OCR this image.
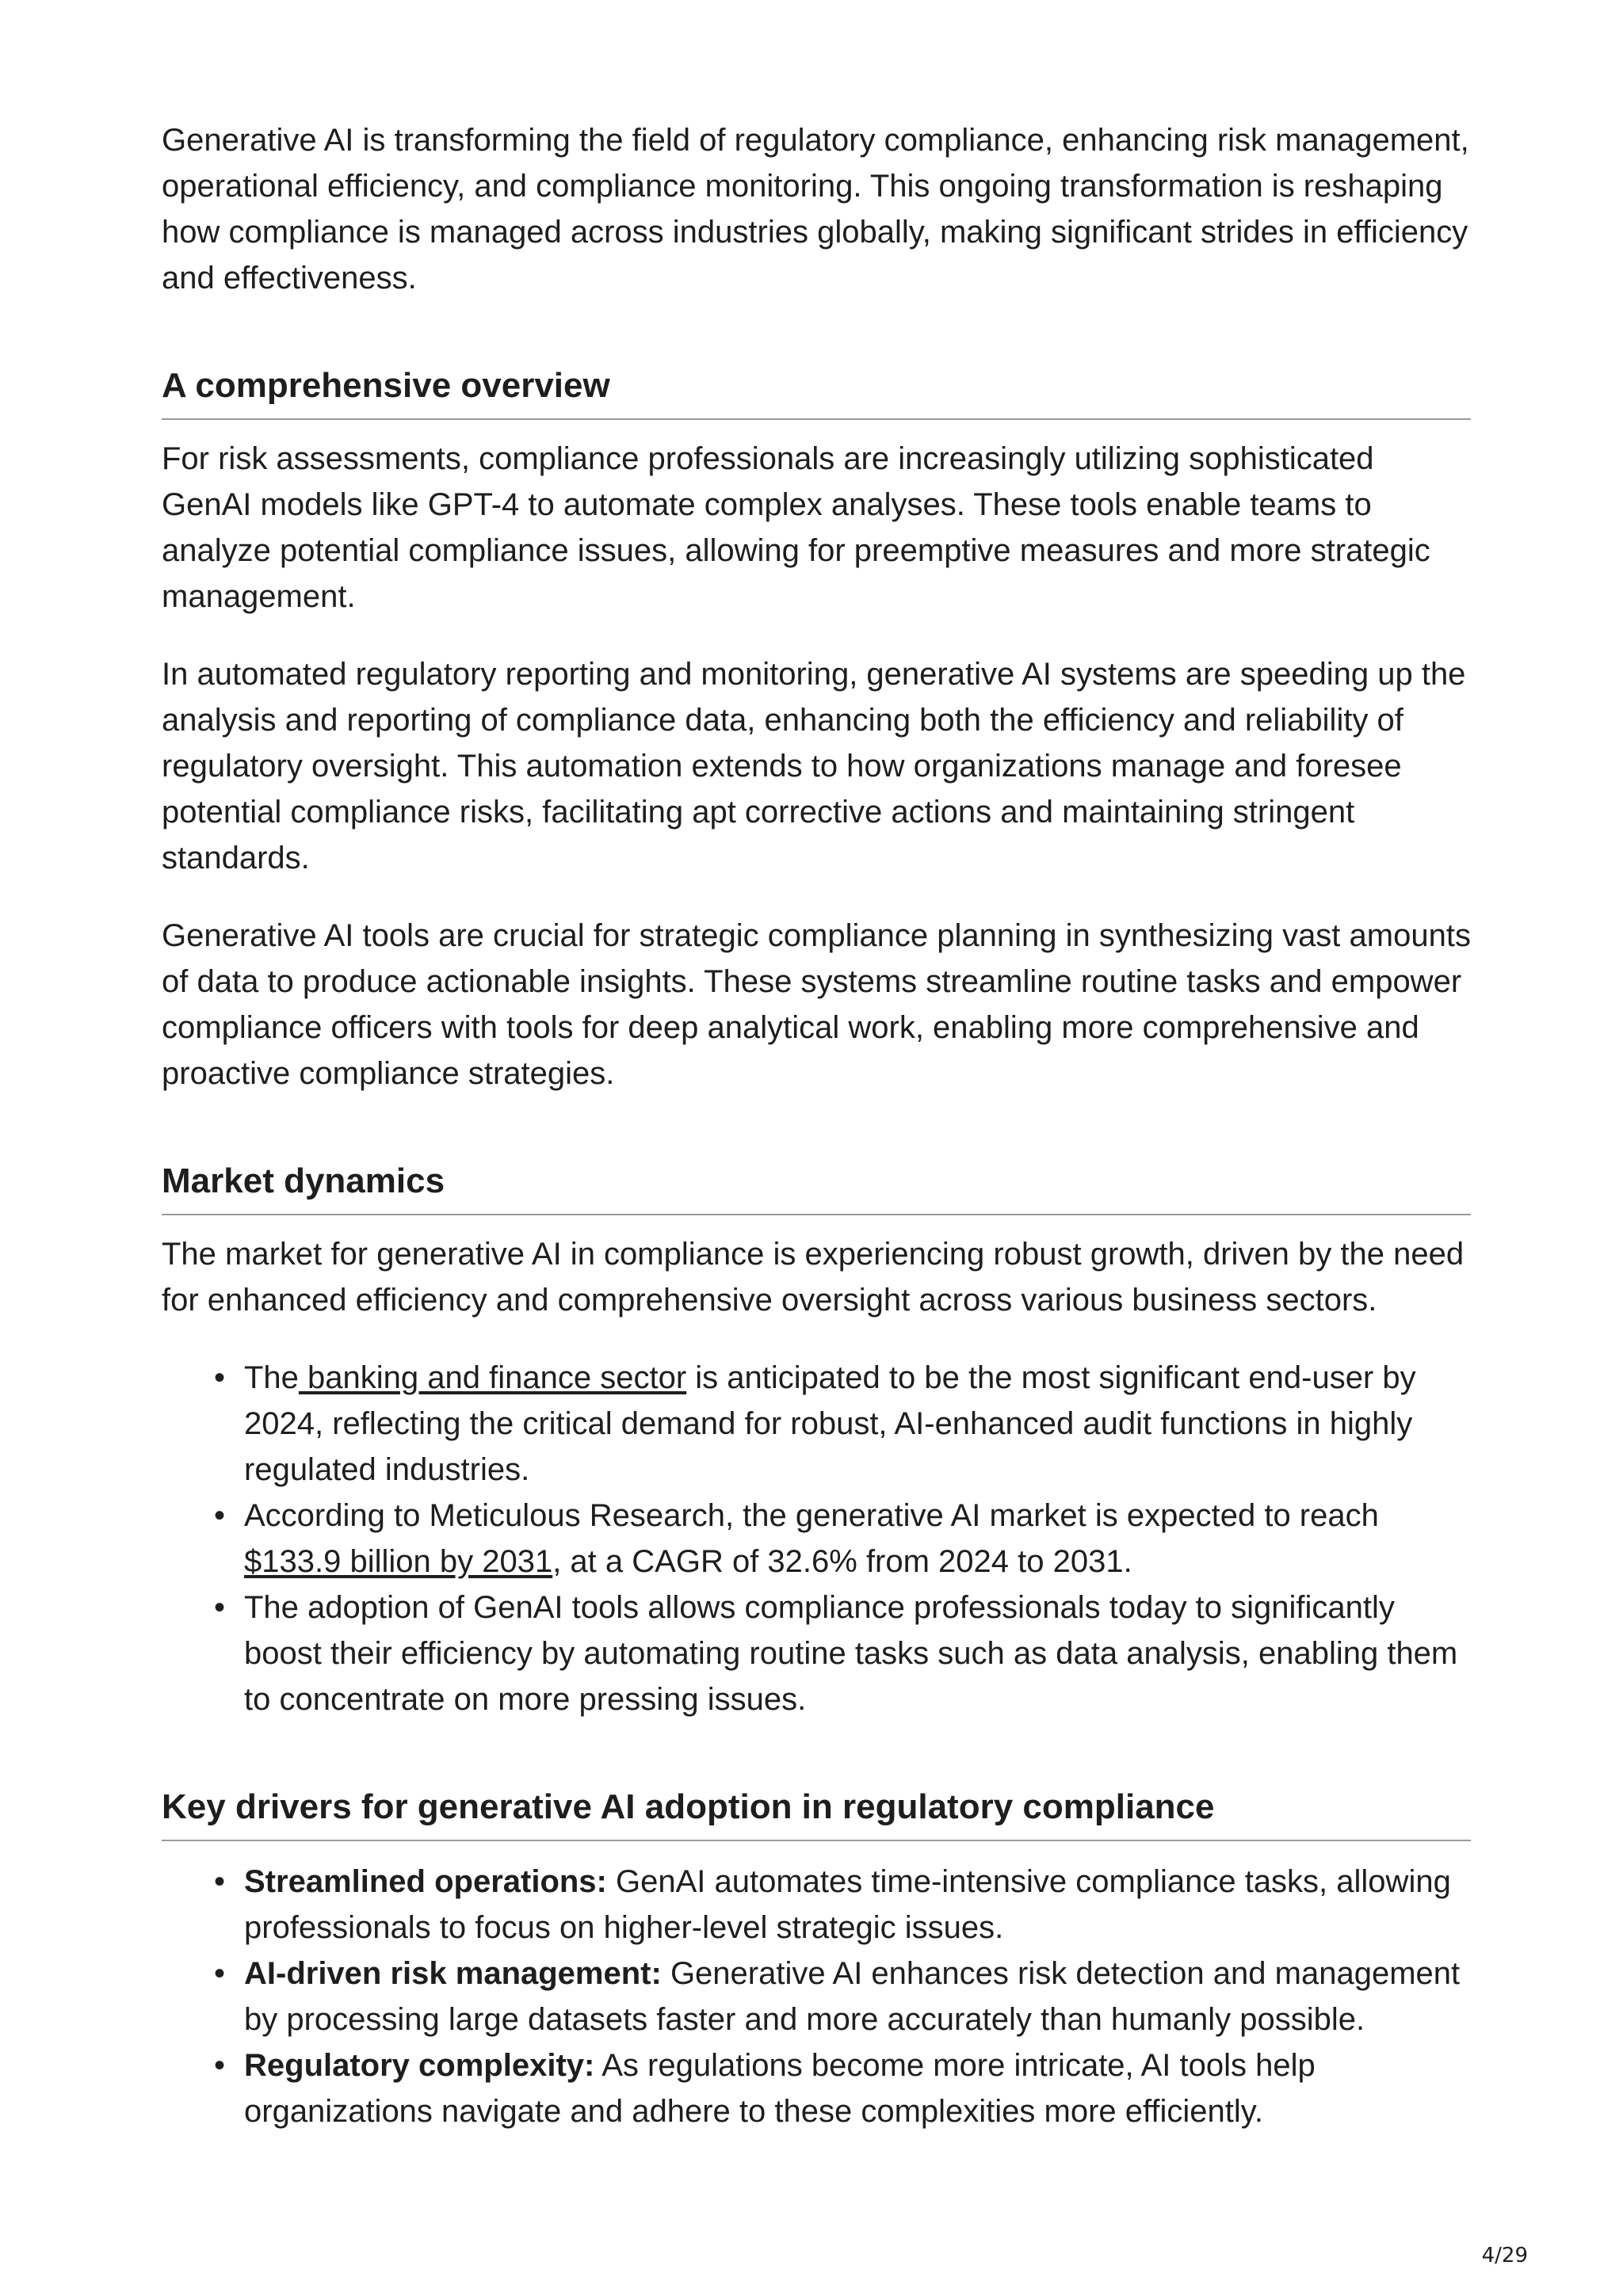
Generative AI is transforming the field of regulatory compliance, enhancing risk management, operational efficiency, and compliance monitoring. This ongoing transformation is reshaping how compliance is managed across industries globally, making significant strides in efficiency and effectiveness.

A comprehensive overview

For risk assessments, compliance professionals are increasingly utilizing sophisticated GenAI models like GPT-4 to automate complex analyses. These tools enable teams to analyze potential compliance issues, allowing for preemptive measures and more strategic management.

In automated regulatory reporting and monitoring, generative AI systems are speeding up the analysis and reporting of compliance data, enhancing both the efficiency and reliability of regulatory oversight. This automation extends to how organizations manage and foresee potential compliance risks, facilitating apt corrective actions and maintaining stringent standards.

Generative AI tools are crucial for strategic compliance planning in synthesizing vast amounts of data to produce actionable insights. These systems streamline routine tasks and empower compliance officers with tools for deep analytical work, enabling more comprehensive and proactive compliance strategies.

Market dynamics

The market for generative AI in compliance is experiencing robust growth, driven by the need for enhanced efficiency and comprehensive oversight across various business sectors.

• The banking and finance sector is anticipated to be the most significant end-user by 2024, reflecting the critical demand for robust, AI-enhanced audit functions in highly regulated industries.
• According to Meticulous Research, the generative AI market is expected to reach $133.9 billion by 2031, at a CAGR of 32.6% from 2024 to 2031.
• The adoption of GenAI tools allows compliance professionals today to significantly boost their efficiency by automating routine tasks such as data analysis, enabling them to concentrate on more pressing issues.
Key drivers for generative AI adoption in regulatory compliance
• Streamlined operations: GenAI automates time-intensive compliance tasks, allowing professionals to focus on higher-level strategic issues.
• AI-driven risk management: Generative AI enhances risk detection and management by processing large datasets faster and more accurately than humanly possible.
• Regulatory complexity: As regulations become more intricate, AI tools help organizations navigate and adhere to these complexities more efficiently.
4/29
